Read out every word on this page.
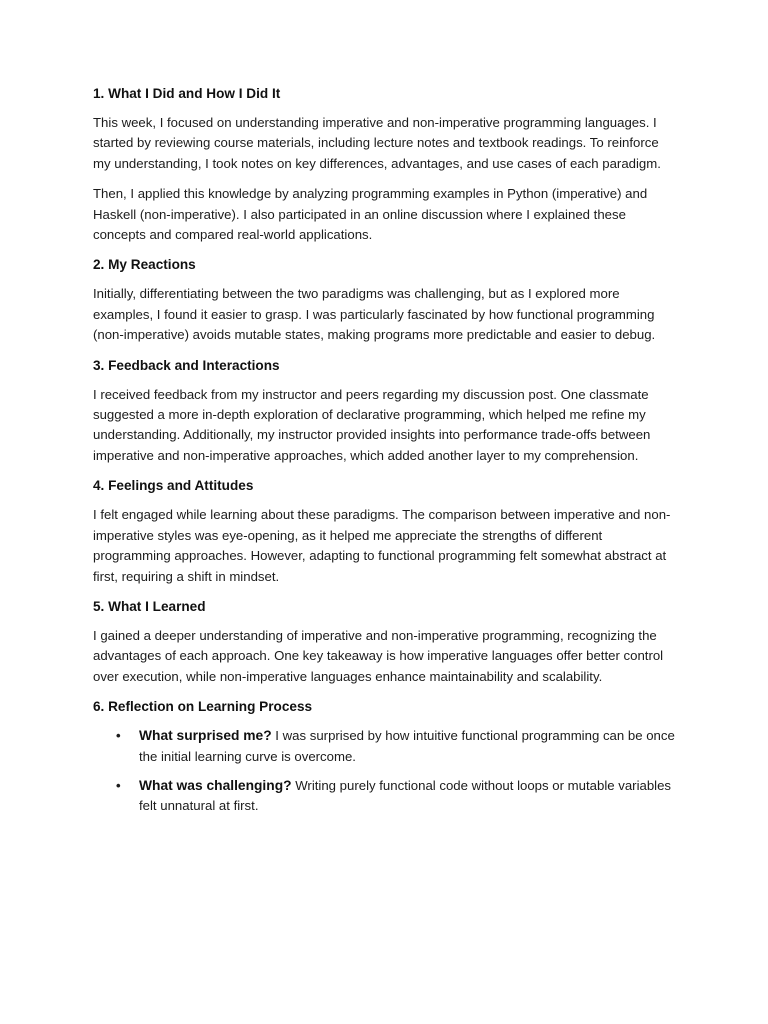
1. What I Did and How I Did It

This week, I focused on understanding imperative and non-imperative programming languages. I started by reviewing course materials, including lecture notes and textbook readings. To reinforce my understanding, I took notes on key differences, advantages, and use cases of each paradigm.

Then, I applied this knowledge by analyzing programming examples in Python (imperative) and Haskell (non-imperative). I also participated in an online discussion where I explained these concepts and compared real-world applications.

2. My Reactions

Initially, differentiating between the two paradigms was challenging, but as I explored more examples, I found it easier to grasp. I was particularly fascinated by how functional programming (non-imperative) avoids mutable states, making programs more predictable and easier to debug.

3. Feedback and Interactions

I received feedback from my instructor and peers regarding my discussion post. One classmate suggested a more in-depth exploration of declarative programming, which helped me refine my understanding. Additionally, my instructor provided insights into performance trade-offs between imperative and non-imperative approaches, which added another layer to my comprehension.

4. Feelings and Attitudes

I felt engaged while learning about these paradigms. The comparison between imperative and non-imperative styles was eye-opening, as it helped me appreciate the strengths of different programming approaches. However, adapting to functional programming felt somewhat abstract at first, requiring a shift in mindset.

5. What I Learned

I gained a deeper understanding of imperative and non-imperative programming, recognizing the advantages of each approach. One key takeaway is how imperative languages offer better control over execution, while non-imperative languages enhance maintainability and scalability.

6. Reflection on Learning Process
• What surprised me? I was surprised by how intuitive functional programming can be once the initial learning curve is overcome.
• What was challenging? Writing purely functional code without loops or mutable variables felt unnatural at first.
